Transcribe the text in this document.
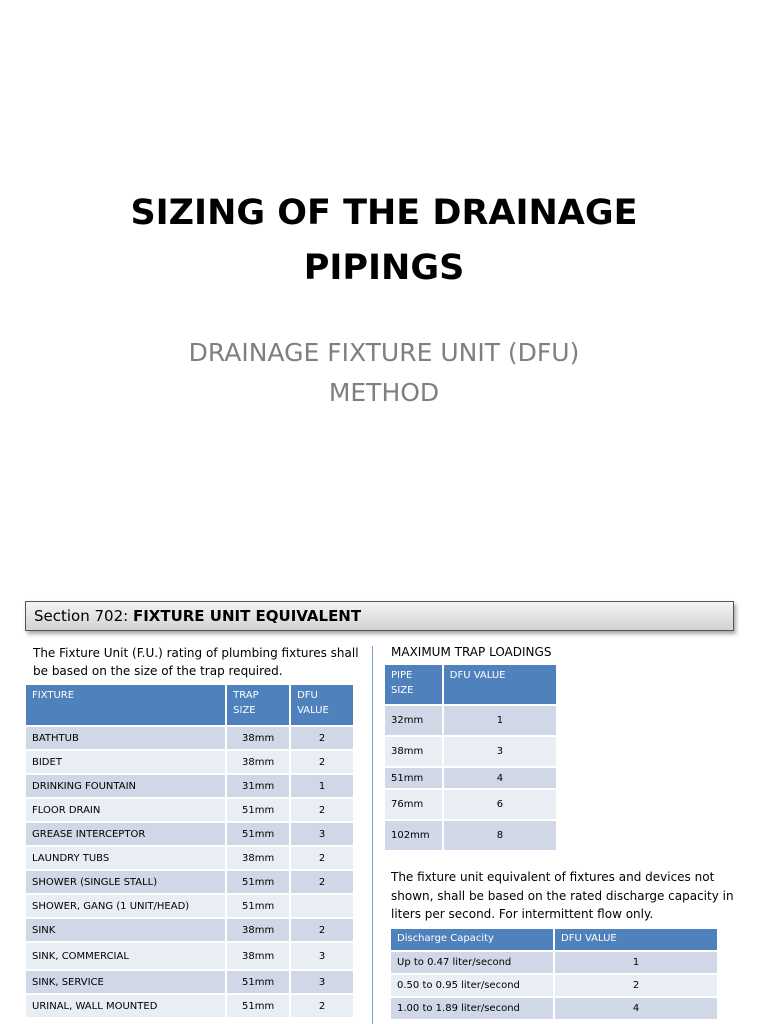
SIZING OF THE DRAINAGE
PIPINGS
DRAINAGE FIXTURE UNIT (DFU)
METHOD
Section 702: FIXTURE UNIT EQUIVALENT
The Fixture Unit (F.U.) rating of plumbing fixtures shall be based on the size of the trap required.
FIXTURE	TRAP SIZE	DFU VALUE
BATHTUB	38mm	2
BIDET	38mm	2
DRINKING FOUNTAIN	31mm	1
FLOOR DRAIN	51mm	2
GREASE INTERCEPTOR	51mm	3
LAUNDRY TUBS	38mm	2
SHOWER (SINGLE STALL)	51mm	2
SHOWER, GANG (1 UNIT/HEAD)	51mm	
SINK	38mm	2
SINK, COMMERCIAL	38mm	3
SINK, SERVICE	51mm	3
URINAL, WALL MOUNTED	51mm	2
MAXIMUM TRAP LOADINGS
PIPE SIZE	DFU VALUE
32mm	1
38mm	3
51mm	4
76mm	6
102mm	8
The fixture unit equivalent of fixtures and devices not shown, shall be based on the rated discharge capacity in liters per second. For intermittent flow only.
Discharge Capacity	DFU VALUE
Up to 0.47 liter/second	1
0.50 to 0.95 liter/second	2
1.00 to 1.89 liter/second	4
